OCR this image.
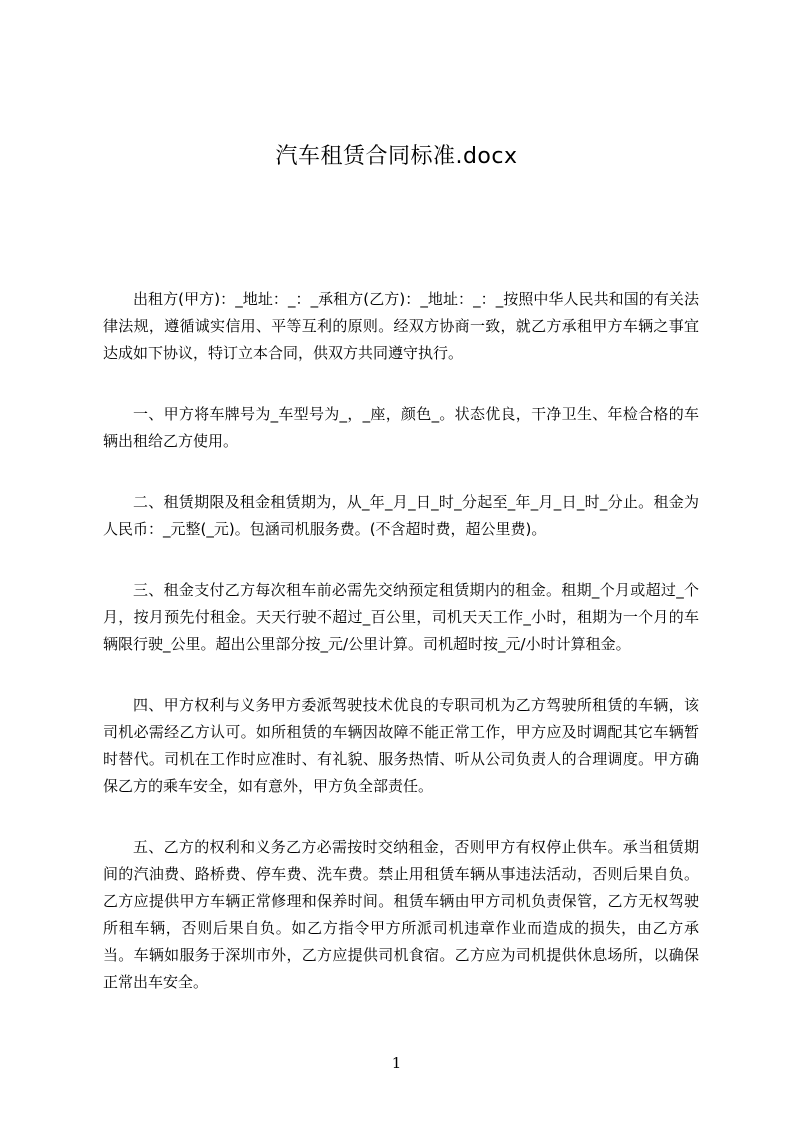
汽车租赁合同标准.docx

出租方(甲方)：_地址：_：_承租方(乙方)：_地址：_：_按照中华人民共和国的有关法律法规，遵循诚实信用、平等互利的原则。经双方协商一致，就乙方承租甲方车辆之事宜达成如下协议，特订立本合同，供双方共同遵守执行。

一、甲方将车牌号为_车型号为_，_座，颜色_。状态优良，干净卫生、年检合格的车辆出租给乙方使用。

二、租赁期限及租金租赁期为，从_年_月_日_时_分起至_年_月_日_时_分止。租金为人民币：_元整(_元)。包涵司机服务费。(不含超时费，超公里费)。

三、租金支付乙方每次租车前必需先交纳预定租赁期内的租金。租期_个月或超过_个月，按月预先付租金。天天行驶不超过_百公里，司机天天工作_小时，租期为一个月的车辆限行驶_公里。超出公里部分按_元/公里计算。司机超时按_元/小时计算租金。

四、甲方权利与义务甲方委派驾驶技术优良的专职司机为乙方驾驶所租赁的车辆，该司机必需经乙方认可。如所租赁的车辆因故障不能正常工作，甲方应及时调配其它车辆暂时替代。司机在工作时应准时、有礼貌、服务热情、听从公司负责人的合理调度。甲方确保乙方的乘车安全，如有意外，甲方负全部责任。

五、乙方的权利和义务乙方必需按时交纳租金，否则甲方有权停止供车。承当租赁期间的汽油费、路桥费、停车费、洗车费。禁止用租赁车辆从事违法活动，否则后果自负。乙方应提供甲方车辆正常修理和保养时间。租赁车辆由甲方司机负责保管，乙方无权驾驶所租车辆，否则后果自负。如乙方指令甲方所派司机违章作业而造成的损失，由乙方承当。车辆如服务于深圳市外，乙方应提供司机食宿。乙方应为司机提供休息场所，以确保正常出车安全。

1
